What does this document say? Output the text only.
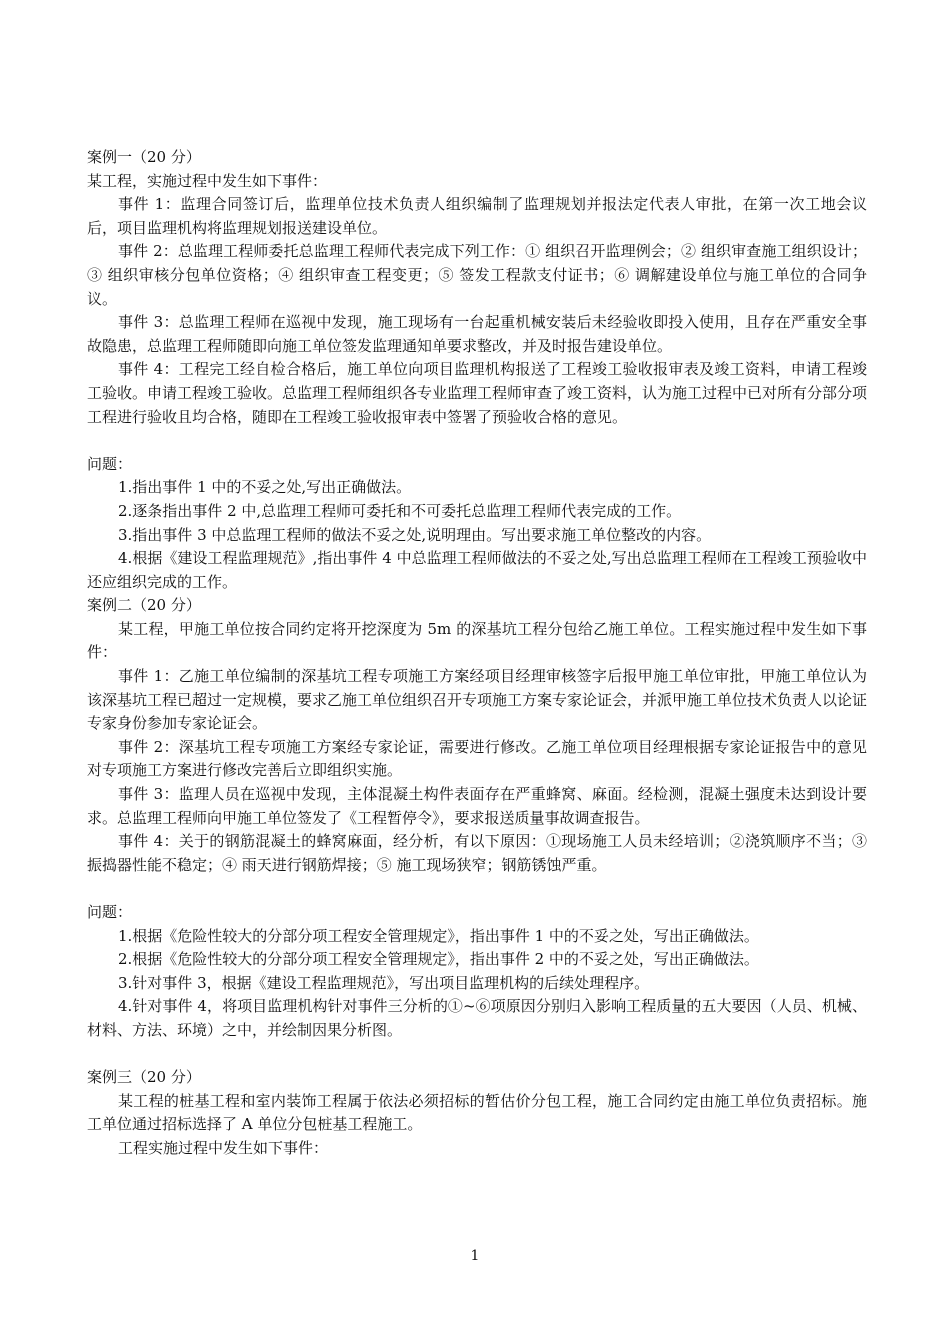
案例一（20 分）

某工程，实施过程中发生如下事件：

事件 1：监理合同签订后，监理单位技术负责人组织编制了监理规划并报法定代表人审批，在第一次工地会议后，项目监理机构将监理规划报送建设单位。

事件 2：总监理工程师委托总监理工程师代表完成下列工作：① 组织召开监理例会；② 组织审查施工组织设计；③ 组织审核分包单位资格；④ 组织审查工程变更；⑤ 签发工程款支付证书；⑥ 调解建设单位与施工单位的合同争议。

事件 3：总监理工程师在巡视中发现，施工现场有一台起重机械安装后未经验收即投入使用，且存在严重安全事故隐患，总监理工程师随即向施工单位签发监理通知单要求整改，并及时报告建设单位。

事件 4：工程完工经自检合格后，施工单位向项目监理机构报送了工程竣工验收报审表及竣工资料，申请工程竣工验收。申请工程竣工验收。总监理工程师组织各专业监理工程师审查了竣工资料，认为施工过程中已对所有分部分项工程进行验收且均合格，随即在工程竣工验收报审表中签署了预验收合格的意见。

问题：

1.指出事件 1 中的不妥之处,写出正确做法。

2.逐条指出事件 2 中,总监理工程师可委托和不可委托总监理工程师代表完成的工作。

3.指出事件 3 中总监理工程师的做法不妥之处,说明理由。写出要求施工单位整改的内容。

4.根据《建设工程监理规范》,指出事件 4 中总监理工程师做法的不妥之处,写出总监理工程师在工程竣工预验收中还应组织完成的工作。

案例二（20 分）

某工程，甲施工单位按合同约定将开挖深度为 5m 的深基坑工程分包给乙施工单位。工程实施过程中发生如下事件：

事件 1：乙施工单位编制的深基坑工程专项施工方案经项目经理审核签字后报甲施工单位审批，甲施工单位认为该深基坑工程已超过一定规模，要求乙施工单位组织召开专项施工方案专家论证会，并派甲施工单位技术负责人以论证专家身份参加专家论证会。

事件 2：深基坑工程专项施工方案经专家论证，需要进行修改。乙施工单位项目经理根据专家论证报告中的意见对专项施工方案进行修改完善后立即组织实施。

事件 3：监理人员在巡视中发现，主体混凝土构件表面存在严重蜂窝、麻面。经检测，混凝土强度未达到设计要求。总监理工程师向甲施工单位签发了《工程暂停令》，要求报送质量事故调查报告。

事件 4：关于的钢筋混凝土的蜂窝麻面，经分析，有以下原因：①现场施工人员未经培训；②浇筑顺序不当；③振捣器性能不稳定；④ 雨天进行钢筋焊接；⑤ 施工现场狭窄；钢筋锈蚀严重。

问题：

1.根据《危险性较大的分部分项工程安全管理规定》，指出事件 1 中的不妥之处，写出正确做法。

2.根据《危险性较大的分部分项工程安全管理规定》，指出事件 2 中的不妥之处，写出正确做法。

3.针对事件 3，根据《建设工程监理规范》，写出项目监理机构的后续处理程序。

4.针对事件 4，将项目监理机构针对事件三分析的①~⑥项原因分别归入影响工程质量的五大要因（人员、机械、材料、方法、环境）之中，并绘制因果分析图。

案例三（20 分）

某工程的桩基工程和室内装饰工程属于依法必须招标的暂估价分包工程，施工合同约定由施工单位负责招标。施工单位通过招标选择了 A 单位分包桩基工程施工。

工程实施过程中发生如下事件：

1
